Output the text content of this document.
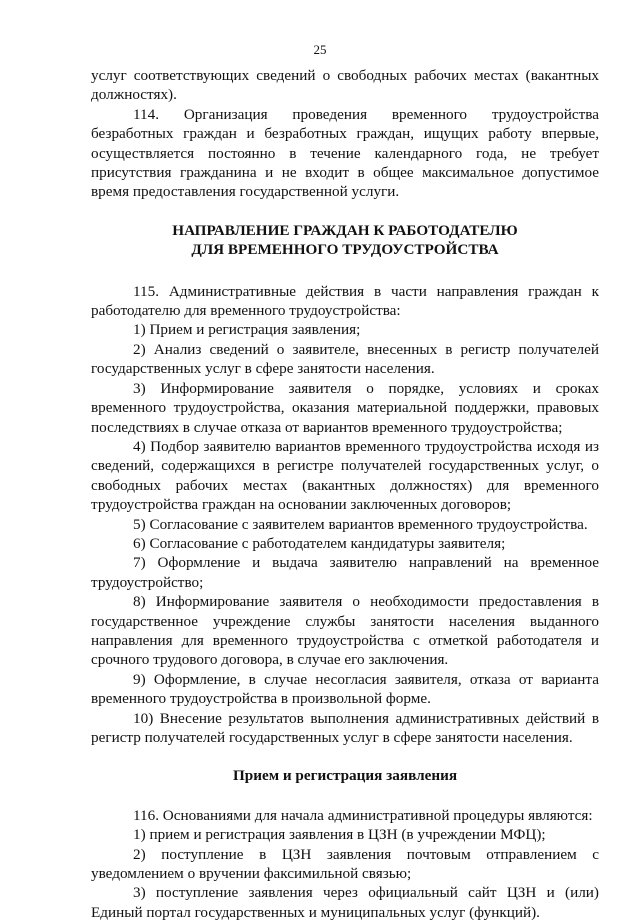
25

услуг соответствующих сведений о свободных рабочих местах (вакантных должностях).

114. Организация проведения временного трудоустройства безработных граждан и безработных граждан, ищущих работу впервые, осуществляется постоянно в течение календарного года, не требует присутствия гражданина и не входит в общее максимальное допустимое время предоставления государственной услуги.

НАПРАВЛЕНИЕ ГРАЖДАН К РАБОТОДАТЕЛЮ
ДЛЯ ВРЕМЕННОГО ТРУДОУСТРОЙСТВА

115. Административные действия в части направления граждан к работодателю для временного трудоустройства:

1) Прием и регистрация заявления;

2) Анализ сведений о заявителе, внесенных в регистр получателей государственных услуг в сфере занятости населения.

3) Информирование заявителя о порядке, условиях и сроках временного трудоустройства, оказания материальной поддержки, правовых последствиях в случае отказа от вариантов временного трудоустройства;

4) Подбор заявителю вариантов временного трудоустройства исходя из сведений, содержащихся в регистре получателей государственных услуг, о свободных рабочих местах (вакантных должностях) для временного трудоустройства граждан на основании заключенных договоров;

5) Согласование с заявителем вариантов временного трудоустройства.

6) Согласование с работодателем кандидатуры заявителя;

7) Оформление и выдача заявителю направлений на временное трудоустройство;

8) Информирование заявителя о необходимости предоставления в государственное учреждение службы занятости населения выданного направления для временного трудоустройства с отметкой работодателя и срочного трудового договора, в случае его заключения.

9) Оформление, в случае несогласия заявителя, отказа от варианта временного трудоустройства в произвольной форме.

10) Внесение результатов выполнения административных действий в регистр получателей государственных услуг в сфере занятости населения.

Прием и регистрация заявления

116. Основаниями для начала административной процедуры являются:

1) прием и регистрация заявления в ЦЗН (в учреждении МФЦ);

2) поступление в ЦЗН заявления почтовым отправлением с уведомлением о вручении факсимильной связью;

3) поступление заявления через официальный сайт ЦЗН и (или) Единый портал государственных и муниципальных услуг (функций).
